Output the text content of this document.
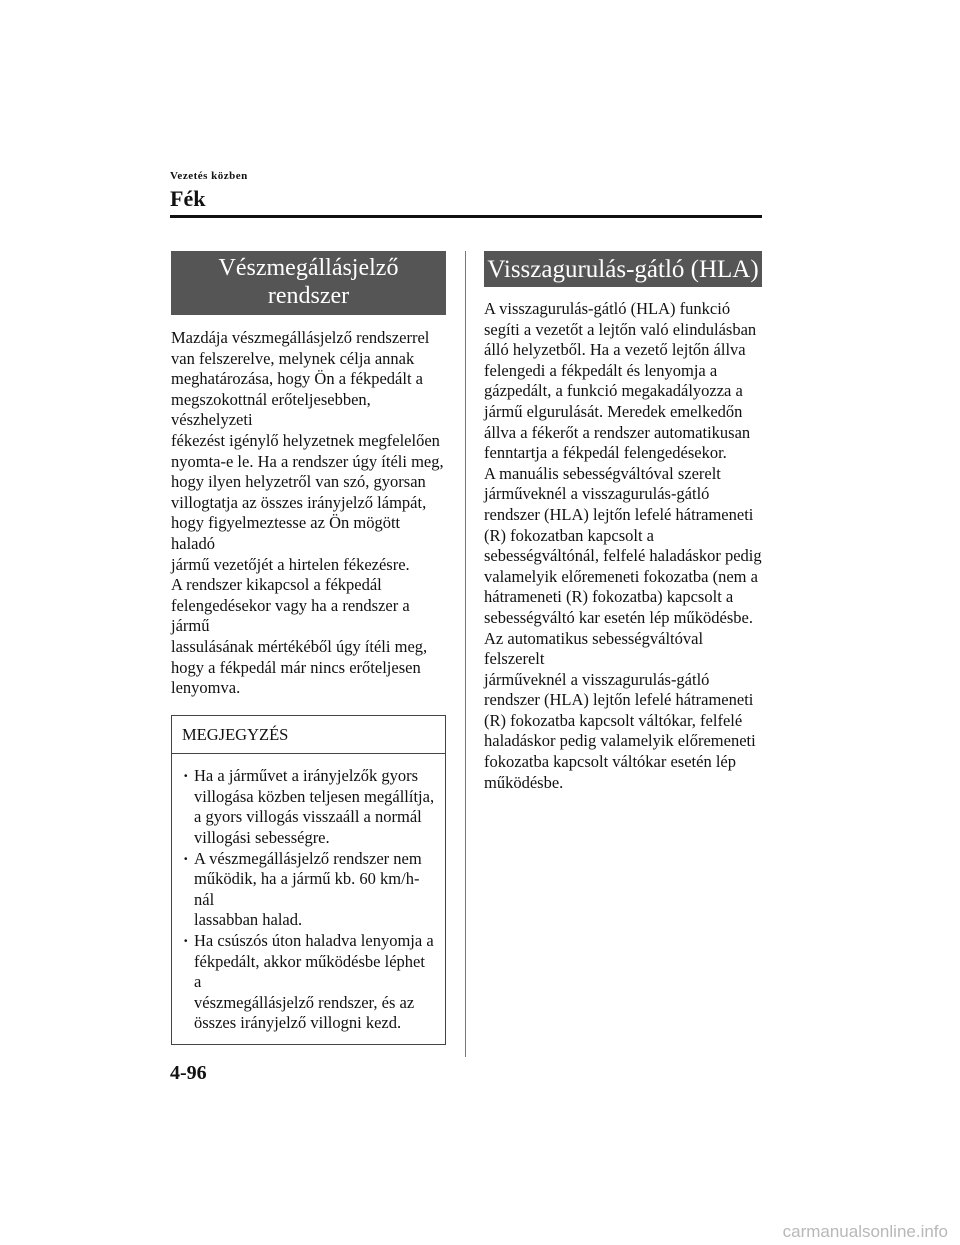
Vezetés közben
Fék
Vészmegállásjelző
rendszer

Mazdája vészmegállásjelző rendszerrel
van felszerelve, melynek célja annak
meghatározása, hogy Ön a fékpedált a
megszokottnál erőteljesebben, vészhelyzeti
fékezést igénylő helyzetnek megfelelően
nyomta-e le. Ha a rendszer úgy ítéli meg,
hogy ilyen helyzetről van szó, gyorsan
villogtatja az összes irányjelző lámpát,
hogy figyelmeztesse az Ön mögött haladó
jármű vezetőjét a hirtelen fékezésre.

A rendszer kikapcsol a fékpedál
felengedésekor vagy ha a rendszer a jármű
lassulásának mértékéből úgy ítéli meg,
hogy a fékpedál már nincs erőteljesen
lenyomva.

MEGJEGYZÉS
· Ha a járművet a irányjelzők gyors
villogása közben teljesen megállítja,
a gyors villogás visszaáll a normál
villogási sebességre.
· A vészmegállásjelző rendszer nem
működik, ha a jármű kb. 60 km/h-nál
lassabban halad.
· Ha csúszós úton haladva lenyomja a
fékpedált, akkor működésbe léphet a
vészmegállásjelző rendszer, és az
összes irányjelző villogni kezd.
Visszagurulás-gátló (HLA)

A visszagurulás-gátló (HLA) funkció
segíti a vezetőt a lejtőn való elindulásban
álló helyzetből. Ha a vezető lejtőn állva
felengedi a fékpedált és lenyomja a
gázpedált, a funkció megakadályozza a
jármű elgurulását. Meredek emelkedőn
állva a fékerőt a rendszer automatikusan
fenntartja a fékpedál felengedésekor.

A manuális sebességváltóval szerelt
járműveknél a visszagurulás-gátló
rendszer (HLA) lejtőn lefelé hátrameneti
(R) fokozatban kapcsolt a
sebességváltónál, felfelé haladáskor pedig
valamelyik előremeneti fokozatba (nem a
hátrameneti (R) fokozatba) kapcsolt a
sebességváltó kar esetén lép működésbe.

Az automatikus sebességváltóval felszerelt
járműveknél a visszagurulás-gátló
rendszer (HLA) lejtőn lefelé hátrameneti
(R) fokozatba kapcsolt váltókar, felfelé
haladáskor pedig valamelyik előremeneti
fokozatba kapcsolt váltókar esetén lép
működésbe.

4-96
carmanualsonline.info
